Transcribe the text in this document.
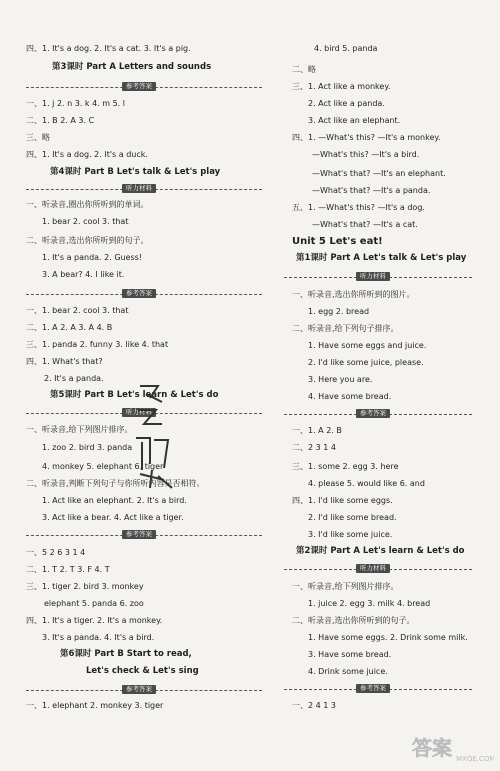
四、1. It's a dog. 2. It's a cat. 3. It's a pig.
第3课时 Part A Letters and sounds
参考答案
一、1. j 2. n 3. k 4. m 5. l
二、1. B 2. A 3. C
三、略
四、1. It's a dog. 2. It's a duck.
第4课时 Part B Let's talk & Let's play
听力材料
一、听录音,圈出你所听到的单词。
1. bear 2. cool 3. that
二、听录音,选出你所听到的句子。
1. It's a panda. 2. Guess!
3. A bear? 4. I like it.
参考答案
一、1. bear 2. cool 3. that
二、1. A 2. A 3. A 4. B
三、1. panda 2. funny 3. like 4. that
四、1. What's that?
2. It's a panda.
第5课时 Part B Let's learn & Let's do
听力材料
一、听录音,给下列图片排序。
1. zoo 2. bird 3. panda
4. monkey 5. elephant 6. tiger
二、听录音,判断下列句子与你所听内容是否相符。
1. Act like an elephant. 2. It's a bird.
3. Act like a bear. 4. Act like a tiger.
参考答案
一、5 2 6 3 1 4
二、1. T 2. T 3. F 4. T
三、1. tiger 2. bird 3. monkey
elephant 5. panda 6. zoo
四、1. It's a tiger. 2. It's a monkey.
3. It's a panda. 4. It's a bird.
第6课时 Part B Start to read,
Let's check & Let's sing
参考答案
一、1. elephant 2. monkey 3. tiger
4. bird 5. panda
二、略
三、1. Act like a monkey.
2. Act like a panda.
3. Act like an elephant.
四、1. —What's this? —It's a monkey.
—What's this? —It's a bird.
—What's that? —It's an elephant.
—What's that? —It's a panda.
五、1. —What's this? —It's a dog.
—What's that? —It's a cat.
Unit 5 Let's eat!
第1课时 Part A Let's talk & Let's play
听力材料
一、听录音,选出你所听到的图片。
1. egg 2. bread
二、听录音,给下列句子排序。
1. Have some eggs and juice.
2. I'd like some juice, please.
3. Here you are.
4. Have some bread.
参考答案
一、1. A 2. B
二、2 3 1 4
三、1. some 2. egg 3. here
4. please 5. would like 6. and
四、1. I'd like some eggs.
2. I'd like some bread.
3. I'd like some juice.
第2课时 Part A Let's learn & Let's do
听力材料
一、听录音,给下列图片排序。
1. juice 2. egg 3. milk 4. bread
二、听录音,选出你所听到的句子。
1. Have some eggs. 2. Drink some milk.
3. Have some bread.
4. Drink some juice.
参考答案
一、2 4 1 3
答案 MXQE.COM
